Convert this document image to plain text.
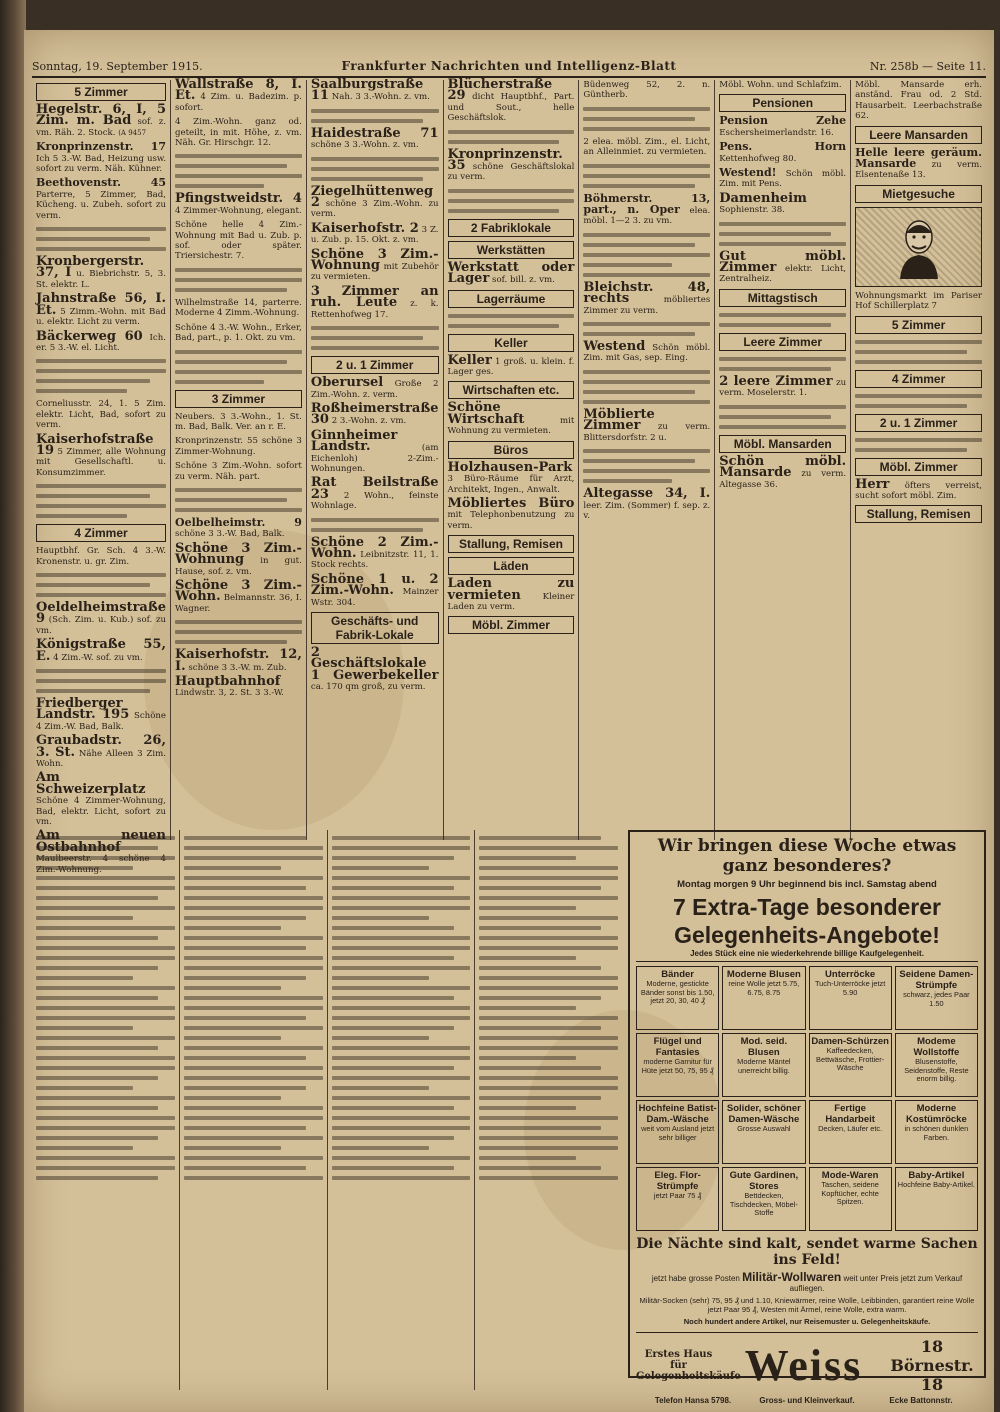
Sonntag, 19. September 1915.	Frankfurter Nachrichten und Intelligenz-Blatt	Nr. 258b — Seite 11.
5 Zimmer
Hegelstr. 6, I, 5 Zim. m. Bad sof. z. vm. Räh. 2. Stock. (A 9457
Kronprinzenstr. 17 Ich 5 3.-W. Bad, Heizung usw. sofort zu verm. Näh. Kühner.
Beethovenstr. 45 Parterre, 5 Zimmer, Bad, Kücheng. u. Zubeh. sofort zu verm.
Kronbergerstr. 37, I u. Biebrichstr. 5, 3. St. elektr. L.
Jahnstraße 56, I. Et. 5 Zimm.-Wohn. mit Bad u. elektr. Licht zu verm.
Bäckerweg 60 Ich. er. 5 3.-W. el. Licht.
Corneliusstr. 24, 1. 5 Zim. elektr. Licht, Bad, sofort zu verm.
Kaiserhofstraße 19 5 Zimmer, alle Wohnung mit Gesellschaftl. u. Konsumzimmer.
4 Zimmer
Hauptbhf. Gr. Sch. 4 3.-W. Kronenstr. u. gr. Zim.
Oeldelheimstraße 9 (Sch. Zim. u. Kub.) sof. zu vm.
Königstraße 55, E. 4 Zim.-W. sof. zu vm.
Friedberger Landstr. 195 Schöne 4 Zim.-W. Bad, Balk.
Graubadstr. 26, 3. St. Nähe Alleen 3 Zim. Wohn.
Am Schweizerplatz Schöne 4 Zimmer-Wohnung, Bad, elektr. Licht, sofort zu vm.
Am neuen Ostbahnhof Maulbeerstr. 4 schöne 4 Zim.-Wohnung.
Wallstraße 8, I. Et. 4 Zim. u. Badezim. p. sofort.
4 Zim.-Wohn. ganz od. geteilt, in mit. Höhe, z. vm. Näh. Gr. Hirschgr. 12.
Pfingstweidstr. 4 4 Zimmer-Wohnung, elegant.
Schöne helle 4 Zim.-Wohnung mit Bad u. Zub. p. sof. oder später. Triersichestr. 7.
Wilhelmstraße 14, parterre. Moderne 4 Zimm.-Wohnung.
Schöne 4 3.-W. Wohn., Erker, Bad, part., p. 1. Okt. zu vm.
3 Zimmer
Neubers. 3 3.-Wohn., 1. St. m. Bad, Balk. Ver. an r. E.
Kronprinzenstr. 55 schöne 3 Zimmer-Wohnung.
Schöne 3 Zim.-Wohn. sofort zu verm. Näh. part.
Oelbelheimstr. 9 schöne 3 3.-W. Bad, Balk.
Schöne 3 Zim.-Wohnung in gut. Hause, sof. z. vm.
Schöne 3 Zim.-Wohn. Belmannstr. 36, I. Wagner.
Kaiserhofstr. 12, I. schöne 3 3.-W. m. Zub.
Hauptbahnhof Lindwstr. 3, 2. St. 3 3.-W.
Saalburgstraße 11 Nah. 3 3.-Wohn. z. vm.
Haidestraße 71 schöne 3 3.-Wohn. z. vm.
Ziegelhüttenweg 2 schöne 3 Zim.-Wohn. zu verm.
Kaiserhofstr. 2 3 Z. u. Zub. p. 15. Okt. z. vm.
Schöne 3 Zim.-Wohnung mit Zubehör zu vermieten.
3 Zimmer an ruh. Leute z. k. Rettenhofweg 17.
2 u. 1 Zimmer
Oberursel Große 2 Zim.-Wohn. z. verm.
Roßheimerstraße 30 2 3.-Wohn. z. vm.
Ginnheimer Landstr.	(am Eichenloh) 2-Zim.-Wohnungen.
Rat Beilstraße 23 2 Wohn., feinste Wohnlage.
Schöne 2 Zim.-Wohn. Leibnitzstr. 11, 1. Stock rechts.
Schöne 1 u. 2 Zim.-Wohn. Mainzer Wstr. 304.
Geschäfts- und Fabrik-Lokale
2 Geschäftslokale 1 Gewerbekeller ca. 170 qm groß, zu verm.
Blücherstraße 29 dicht Hauptbhf., Part. und Sout., helle Geschäftslok.
Kronprinzenstr. 35 schöne Geschäftslokal zu verm.
2 Fabriklokale
Werkstätten
Werkstatt oder Lager sof. bill. z. vm.
Lagerräume
Keller
Keller 1 groß. u. klein. f. Lager ges.
Wirtschaften etc.
Schöne Wirtschaft	mit Wohnung zu vermieten.
Büros
Holzhausen-Park 3 Büro-Räume für Arzt, Architekt, Ingen., Anwalt.
Möbliertes Büro mit Telephonbenutzung zu verm.
Stallung, Remisen
Läden
Laden zu vermieten	Kleiner Laden zu verm.
Möbl. Zimmer
Büdenweg 52, 2. n. Güntherb.
2 elea. möbl. Zim., el. Licht, an Alleinmiet. zu vermieten.
Böhmerstr. 13, part., n. Oper elea. möbl. 1—2 3. zu vm.
Bleichstr. 48, rechts	möbliertes Zimmer zu verm.
Westend Schön möbl. Zim. mit Gas, sep. Eing.
Möblierte Zimmer zu verm. Blittersdorfstr. 2 u.
Altegasse 34, I. leer. Zim. (Sommer) f. sep. z. v.
Möbl. Wohn. und Schlafzim.
Pensionen
Pension Zehe Eschersheimerlandstr. 16.
Pens. Horn Kettenhofweg 80.
Westend! Schön möbl. Zim. mit Pens.
Damenheim Sophienstr. 38.
Gut möbl. Zimmer elektr. Licht, Zentralheiz.
Mittagstisch
Leere Zimmer
2 leere Zimmer zu verm. Moselerstr. 1.
Möbl. Mansarden
Schön möbl. Mansarde zu verm. Altegasse 36.
Möbl. Mansarde erh. anständ. Frau od. 2 Std. Hausarbeit. Leerbachstraße 62.
Leere Mansarden
Helle leere geräum. Mansarde zu verm. Elsentenaße 13.
Mietgesuche
Wohnungsmarkt im Pariser Hof Schillerplatz 7
5 Zimmer
4 Zimmer
2 u. 1 Zimmer
Möbl. Zimmer
Herr öfters verreist, sucht sofort möbl. Zim.
Stallung, Remisen
Wir bringen diese Woche etwas ganz besonderes?
Montag morgen 9 Uhr beginnend bis incl. Samstag abend
7 Extra-Tage besonderer Gelegenheits-Angebote!
Jedes Stück eine nie wiederkehrende billige Kaufgelegenheit.
Bänder
Moderne, gestickte Bänder sonst bis 1.50, jetzt 20, 30, 40 ₰
Moderne Blusen
reine Wolle jetzt 5.75, 6.75, 8.75
Unterröcke
Tuch-Unterröcke jetzt 5.90
Seidene Damen-Strümpfe
schwarz, jedes Paar 1.50
Flügel und Fantasies
moderne Garnitur für Hüte jetzt 50, 75, 95 ₰
Mod. seid. Blusen
Moderne Mäntel unerreicht billig.
Damen-Schürzen
Kaffeedecken, Bettwäsche, Frottier-Wäsche
Modeme Wollstoffe
Blusenstoffe, Seidenstoffe, Reste enorm billig.
Hochfeine Batist-Dam.-Wäsche
weit vom Ausland jetzt sehr billiger
Solider, schöner Damen-Wäsche
Grosse Auswahl
Fertige Handarbeit
Decken, Läufer etc.
Moderne Kostümröcke
in schönen dunklen Farben.
Eleg. Flor-Strümpfe
jetzt Paar 75 ₰
Gute Gardinen, Stores
Bettdecken, Tischdecken, Möbel-Stoffe
Mode-Waren
Taschen, seidene Kopftücher, echte Spitzen.
Baby-Artikel
Hochfeine Baby-Artikel.
Die Nächte sind kalt, sendet warme Sachen ins Feld!
jetzt habe grosse Posten Militär-Wollwaren weit unter Preis jetzt zum Verkauf aufliegen.
Militär-Socken (sehr) 75, 95 ₰ und 1.10, Kniewärmer, reine Wolle, Leibbinden, garantiert reine Wolle jetzt Paar 95 ₰, Westen mit Ärmel, reine Wolle, extra warm.
Noch hundert andere Artikel, nur Reisemuster u. Gelegenheitskäufe.
Erstes Haus für Gelegenheitskäufe Weiss	18 Börnestr. 18
Telefon Hansa 5798.	Gross- und Kleinverkauf.	Ecke Battonnstr.
